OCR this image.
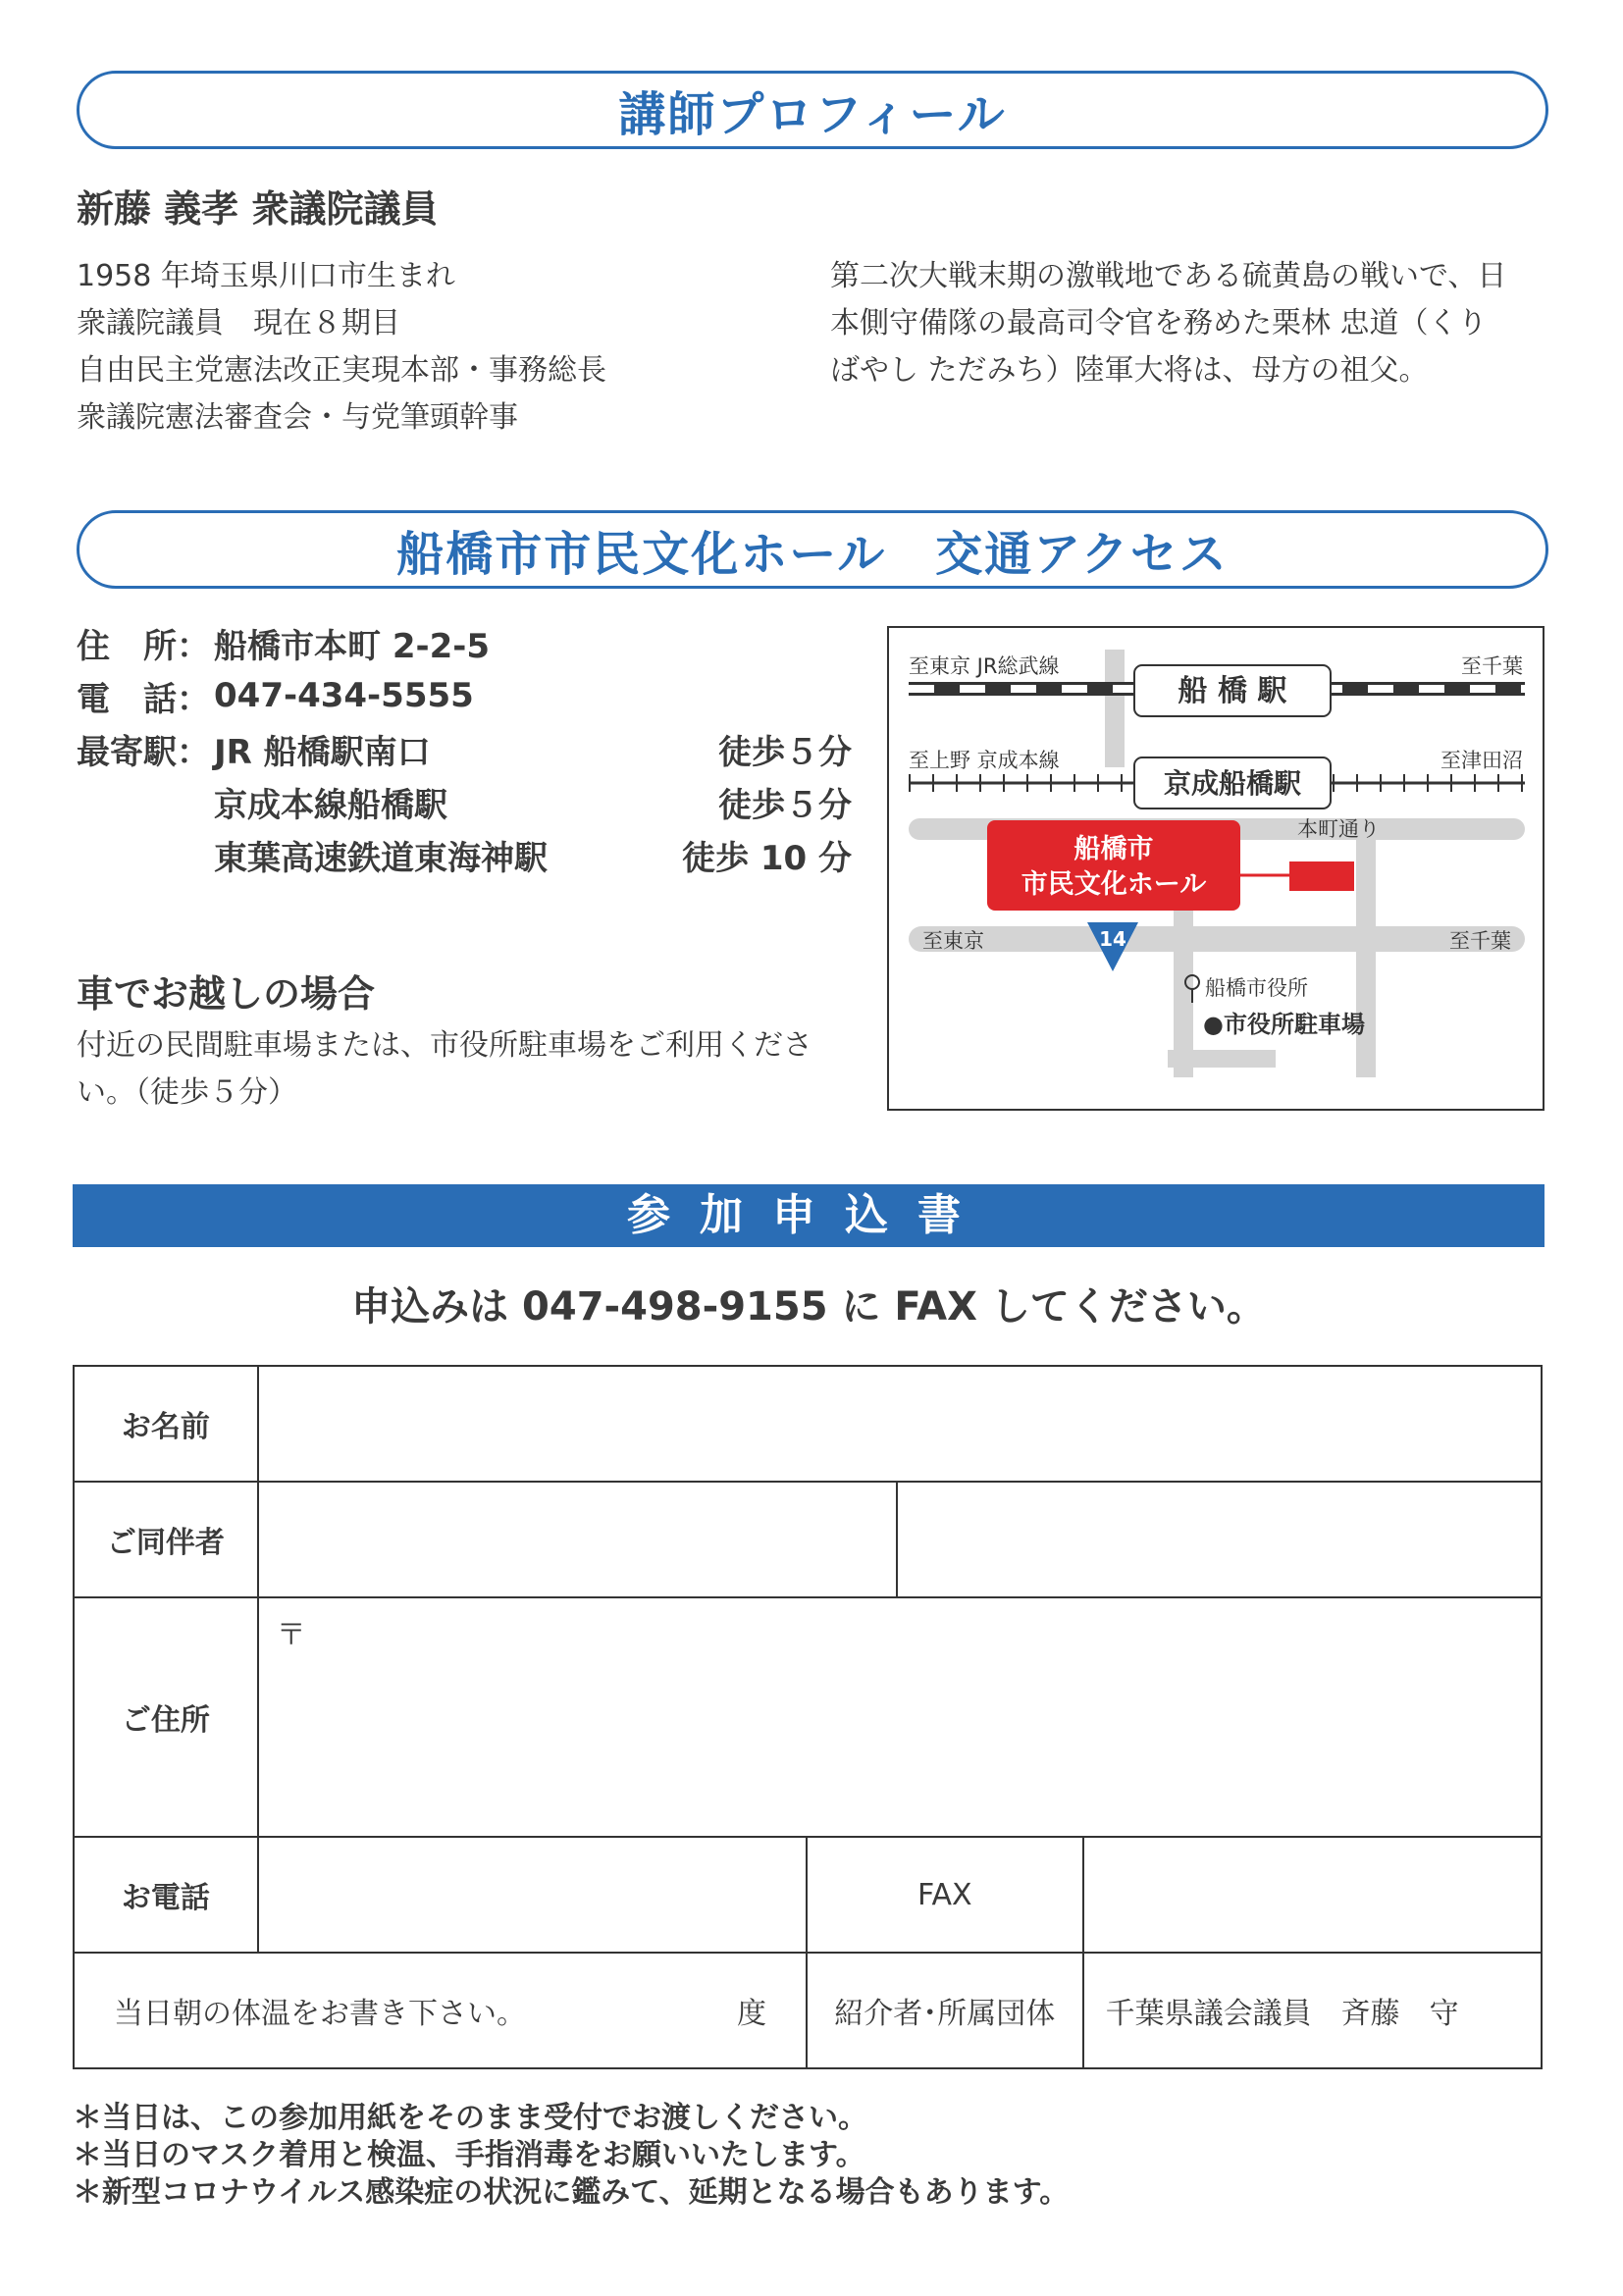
講師プロフィール
新藤 義孝 衆議院議員
1958 年埼玉県川口市生まれ
衆議院議員　現在８期目
自由民主党憲法改正実現本部・事務総長
衆議院憲法審査会・与党筆頭幹事
第二次大戦末期の激戦地である硫黄島の戦いで、日
本側守備隊の最高司令官を務めた栗林 忠道（くり
ばやし ただみち）陸軍大将は、母方の祖父。
船橋市市民文化ホール　交通アクセス
住　所： 船橋市本町 2-2-5
電　話： 047-434-5555
最寄駅： JR 船橋駅南口	徒歩５分
京成本線船橋駅	徒歩５分
東葉高速鉄道東海神駅	徒歩 10 分
車でお越しの場合
付近の民間駐車場または、市役所駐車場をご利用くださ
い。（徒歩５分）
至東京 JR総武線	至千葉
船 橋 駅
至上野 京成本線	至津田沼
京成船橋駅
本町通り
船橋市
市民文化ホール
至東京	至千葉
14
船橋市役所
●市役所駐車場
参加申込書
申込みは 047-498-9155 に FAX してください。
お名前				
ご同伴者				
ご住所	〒			

お電話		FAX		
当日朝の体温をお書き下さい。 度		紹介者･所属団体		千葉県議会議員　斉藤　守
＊当日は、この参加用紙をそのまま受付でお渡しください。
＊当日のマスク着用と検温、手指消毒をお願いいたします。
＊新型コロナウイルス感染症の状況に鑑みて、延期となる場合もあります。
